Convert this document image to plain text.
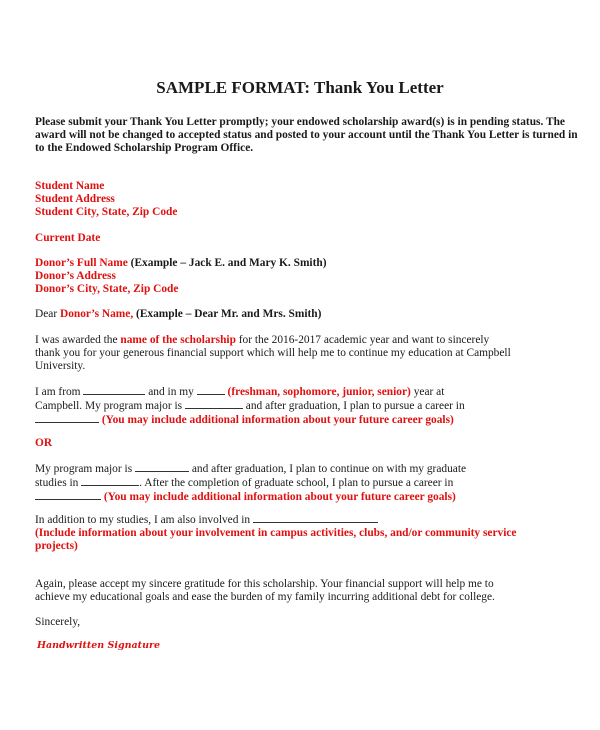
SAMPLE FORMAT: Thank You Letter
Please submit your Thank You Letter promptly; your endowed scholarship award(s) is in pending status. The
award will not be changed to accepted status and posted to your account until the Thank You Letter is turned in
to the Endowed Scholarship Program Office.
Student Name
Student Address
Student City, State, Zip Code
Current Date
Donor’s Full Name (Example – Jack E. and Mary K. Smith)
Donor’s Address
Donor’s City, State, Zip Code
Dear Donor’s Name, (Example – Dear Mr. and Mrs. Smith)
I was awarded the name of the scholarship for the 2016-2017 academic year and want to sincerely
thank you for your generous financial support which will help me to continue my education at Campbell
University.
I am from	and in my  (freshman, sophomore, junior, senior) year at
Campbell. My program major is	and after graduation, I plan to pursue a career in
(You may include additional information about your future career goals)
OR
My program major is	and after graduation, I plan to continue on with my graduate
studies in	. After the completion of graduate school, I plan to pursue a career in
(You may include additional information about your future career goals)
In addition to my studies, I am also involved in
(Include information about your involvement in campus activities, clubs, and/or community service
projects)
Again, please accept my sincere gratitude for this scholarship. Your financial support will help me to
achieve my educational goals and ease the burden of my family incurring additional debt for college.
Sincerely,
Handwritten Signature
